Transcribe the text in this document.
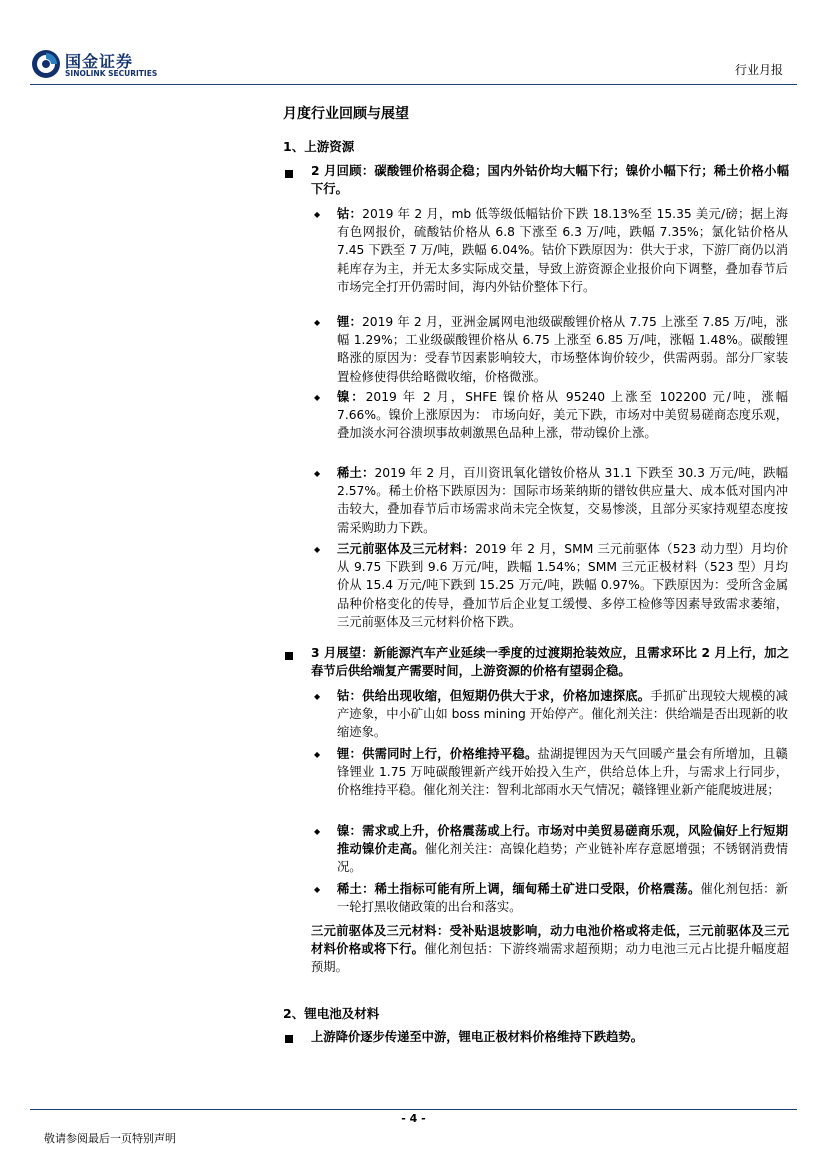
国金证券
SINOLINK SECURITIES	行业月报
月度行业回顾与展望
1、上游资源
2 月回顾：碳酸锂价格弱企稳；国内外钴价均大幅下行；镍价小幅下行；稀土价格小幅下行。
◆ 钴：2019 年 2 月，mb 低等级低幅钴价下跌 18.13%至 15.35 美元/磅；据上海有色网报价，硫酸钴价格从 6.8 下涨至 6.3 万/吨，跌幅 7.35%；氯化钴价格从 7.45 下跌至 7 万/吨，跌幅 6.04%。钴价下跌原因为：供大于求，下游厂商仍以消耗库存为主，并无太多实际成交量，导致上游资源企业报价向下调整，叠加春节后市场完全打开仍需时间，海内外钴价整体下行。
◆ 锂：2019 年 2 月，亚洲金属网电池级碳酸锂价格从 7.75 上涨至 7.85 万/吨，涨幅 1.29%；工业级碳酸锂价格从 6.75 上涨至 6.85 万/吨，涨幅 1.48%。碳酸锂略涨的原因为：受春节因素影响较大，市场整体询价较少，供需两弱。部分厂家装置检修使得供给略微收缩，价格微涨。
◆ 镍：2019 年 2 月，SHFE 镍价格从 95240 上涨至 102200 元/吨，涨幅 7.66%。镍价上涨原因为： 市场向好，美元下跌，市场对中美贸易磋商态度乐观，叠加淡水河谷溃坝事故刺激黑色品种上涨，带动镍价上涨。
◆ 稀土：2019 年 2 月，百川资讯氧化镨钕价格从 31.1 下跌至 30.3 万元/吨，跌幅 2.57%。稀土价格下跌原因为：国际市场莱纳斯的镨钕供应量大、成本低对国内冲击较大，叠加春节后市场需求尚未完全恢复，交易惨淡，且部分买家持观望态度按需采购助力下跌。
◆ 三元前驱体及三元材料：2019 年 2 月，SMM 三元前驱体（523 动力型）月均价从 9.75 下跌到 9.6 万元/吨，跌幅 1.54%；SMM 三元正极材料（523 型）月均价从 15.4 万元/吨下跌到 15.25 万元/吨，跌幅 0.97%。下跌原因为：受所含金属品种价格变化的传导，叠加节后企业复工缓慢、多停工检修等因素导致需求萎缩，三元前驱体及三元材料价格下跌。
3 月展望：新能源汽车产业延续一季度的过渡期抢装效应，且需求环比 2 月上行，加之春节后供给端复产需要时间，上游资源的价格有望弱企稳。
◆ 钴：供给出现收缩，但短期仍供大于求，价格加速探底。手抓矿出现较大规模的减产迹象，中小矿山如 boss mining 开始停产。催化剂关注：供给端是否出现新的收缩迹象。
◆ 锂：供需同时上行，价格维持平稳。盐湖提锂因为天气回暖产量会有所增加，且赣锋锂业 1.75 万吨碳酸锂新产线开始投入生产，供给总体上升，与需求上行同步，价格维持平稳。催化剂关注：智利北部雨水天气情况；赣锋锂业新产能爬坡进展；
◆ 镍：需求或上升，价格震荡或上行。市场对中美贸易磋商乐观，风险偏好上行短期推动镍价走高。催化剂关注：高镍化趋势；产业链补库存意愿增强；不锈钢消费情况。
◆ 稀土：稀土指标可能有所上调，缅甸稀土矿进口受限，价格震荡。催化剂包括：新一轮打黑收储政策的出台和落实。
三元前驱体及三元材料：受补贴退坡影响，动力电池价格或将走低，三元前驱体及三元材料价格或将下行。催化剂包括：下游终端需求超预期；动力电池三元占比提升幅度超预期。
2、锂电池及材料
上游降价逐步传递至中游，锂电正极材料价格维持下跌趋势。
- 4 -
敬请参阅最后一页特别声明
